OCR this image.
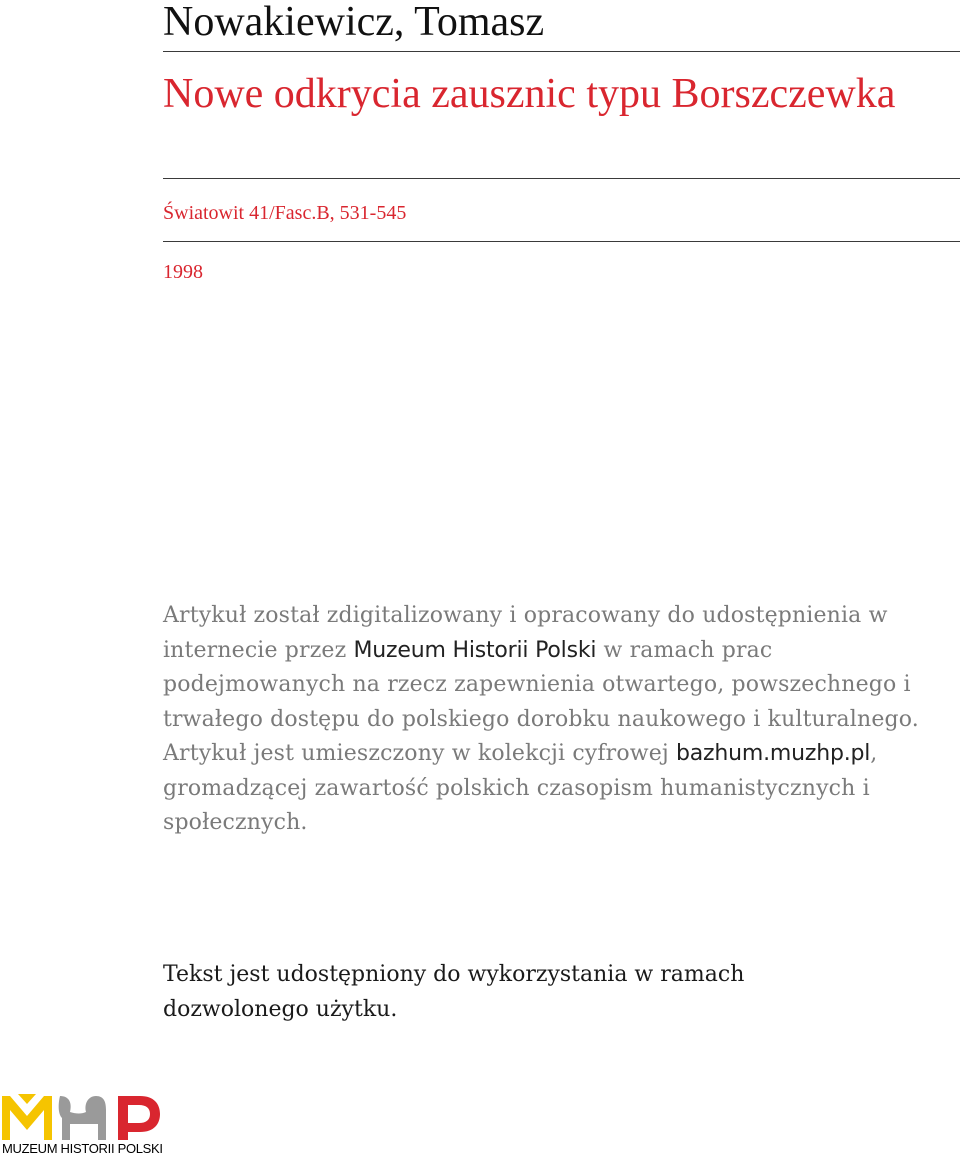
Nowakiewicz, Tomasz
Nowe odkrycia zausznic typu Borszczewka
Światowit 41/Fasc.B, 531-545
1998

Artykuł został zdigitalizowany i opracowany do udostępnienia w internecie przez Muzeum Historii Polski w ramach prac podejmowanych na rzecz zapewnienia otwartego, powszechnego i trwałego dostępu do polskiego dorobku naukowego i kulturalnego. Artykuł jest umieszczony w kolekcji cyfrowej bazhum.muzhp.pl, gromadzącej zawartość polskich czasopism humanistycznych i społecznych.

Tekst jest udostępniony do wykorzystania w ramach dozwolonego użytku.

MUZEUM HISTORII POLSKI
